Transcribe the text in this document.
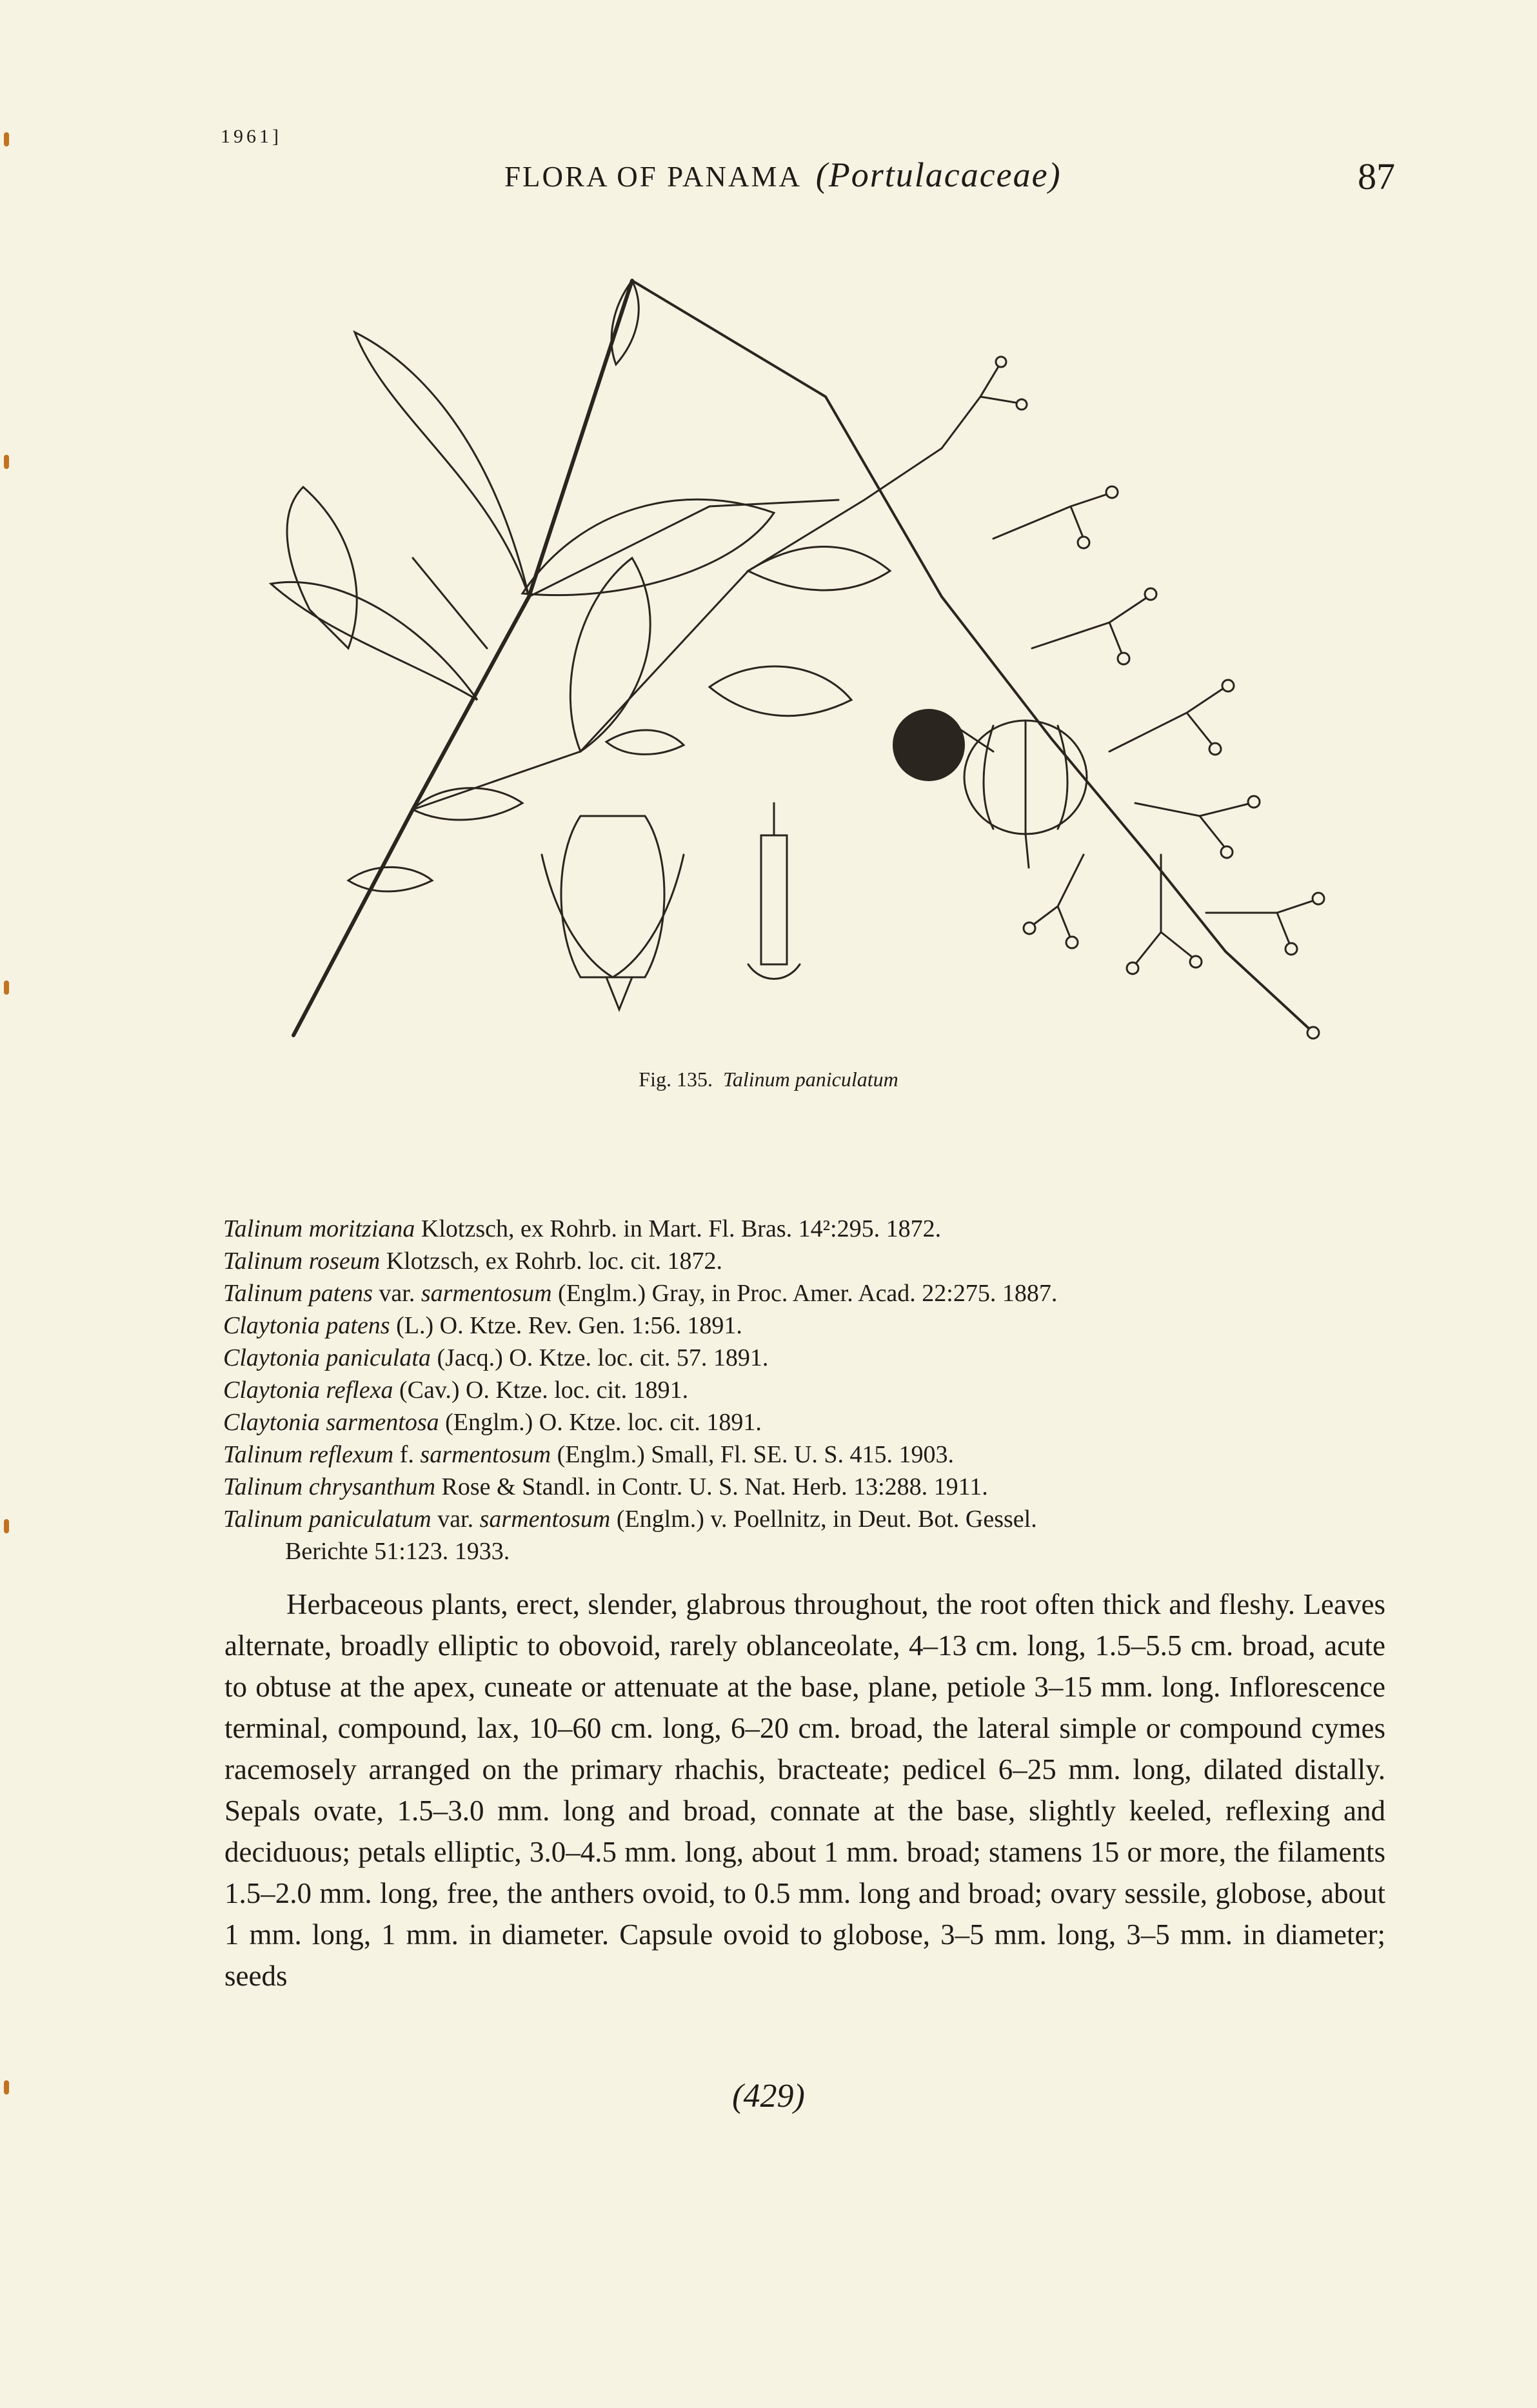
1961]
FLORA OF PANAMA (Portulacaceae)	87
Fig. 135. Talinum paniculatum
Talinum moritziana Klotzsch, ex Rohrb. in Mart. Fl. Bras. 14²:295. 1872.
Talinum roseum Klotzsch, ex Rohrb. loc. cit. 1872.
Talinum patens var. sarmentosum (Englm.) Gray, in Proc. Amer. Acad. 22:275. 1887.
Claytonia patens (L.) O. Ktze. Rev. Gen. 1:56. 1891.
Claytonia paniculata (Jacq.) O. Ktze. loc. cit. 57. 1891.
Claytonia reflexa (Cav.) O. Ktze. loc. cit. 1891.
Claytonia sarmentosa (Englm.) O. Ktze. loc. cit. 1891.
Talinum reflexum f. sarmentosum (Englm.) Small, Fl. SE. U. S. 415. 1903.
Talinum chrysanthum Rose & Standl. in Contr. U. S. Nat. Herb. 13:288. 1911.
Talinum paniculatum var. sarmentosum (Englm.) v. Poellnitz, in Deut. Bot. Gessel.
Berichte 51:123. 1933.

Herbaceous plants, erect, slender, glabrous throughout, the root often thick and fleshy. Leaves alternate, broadly elliptic to obovoid, rarely oblanceolate, 4–13 cm. long, 1.5–5.5 cm. broad, acute to obtuse at the apex, cuneate or attenuate at the base, plane, petiole 3–15 mm. long. Inflorescence terminal, compound, lax, 10–60 cm. long, 6–20 cm. broad, the lateral simple or compound cymes racemosely arranged on the primary rhachis, bracteate; pedicel 6–25 mm. long, dilated distally. Sepals ovate, 1.5–3.0 mm. long and broad, connate at the base, slightly keeled, reflexing and deciduous; petals elliptic, 3.0–4.5 mm. long, about 1 mm. broad; stamens 15 or more, the filaments 1.5–2.0 mm. long, free, the anthers ovoid, to 0.5 mm. long and broad; ovary sessile, globose, about 1 mm. long, 1 mm. in diameter. Capsule ovoid to globose, 3–5 mm. long, 3–5 mm. in diameter; seeds

(429)
